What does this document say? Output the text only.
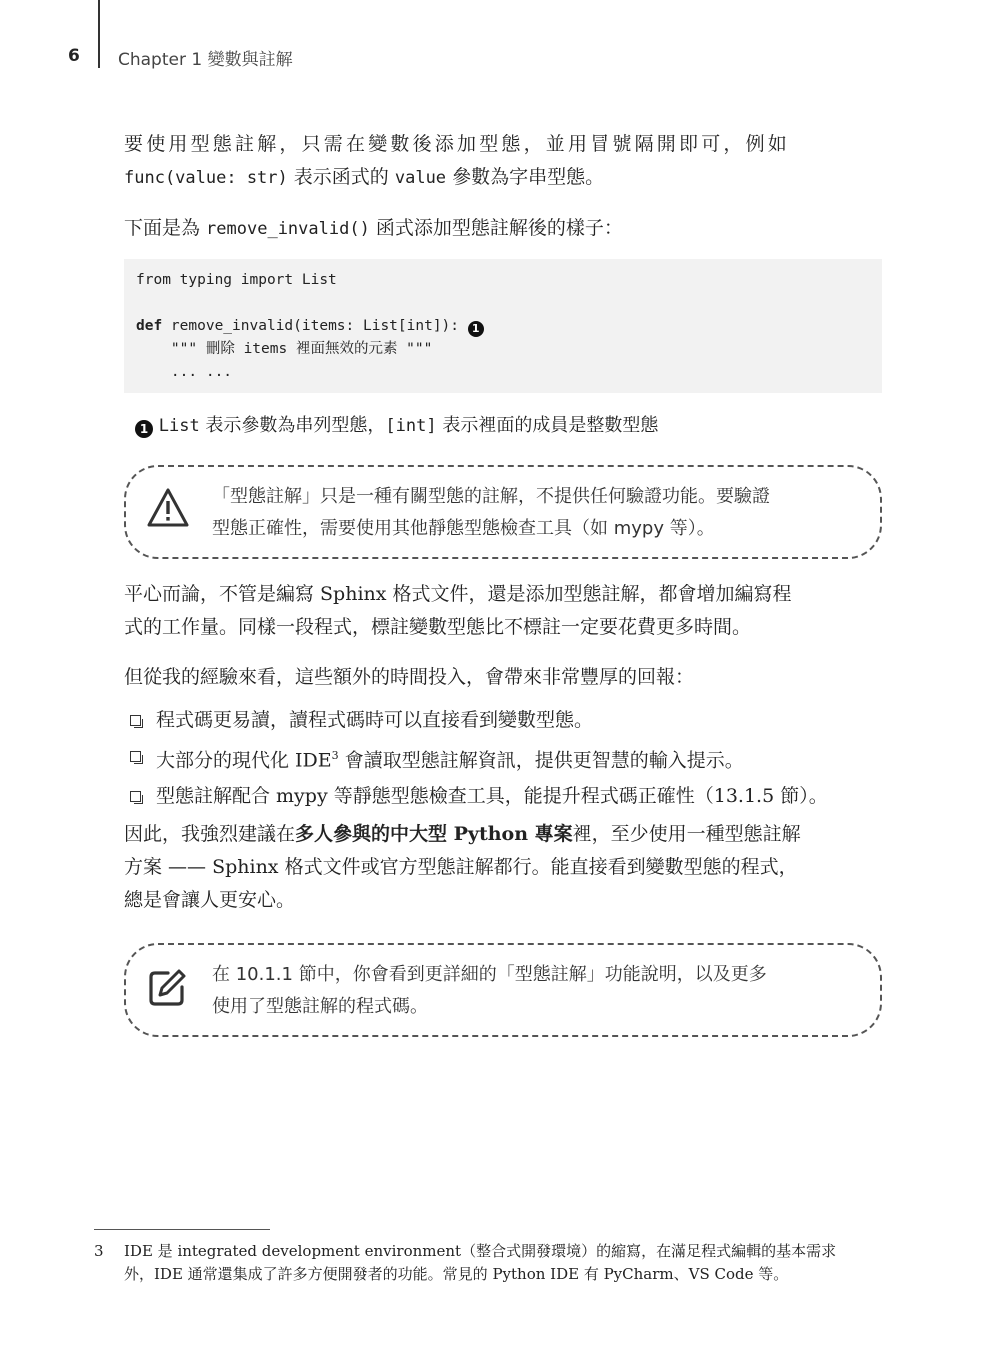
6 Chapter 1 變數與註解
要使用型態註解，只需在變數後添加型態，並用冒號隔開即可，例如
func(value: str) 表示函式的 value 參數為字串型態。
下面是為 remove_invalid() 函式添加型態註解後的樣子：
from typing import List

def remove_invalid(items: List[int]): 1
""" 刪除 items 裡面無效的元素 """
... ...
1 List 表示參數為串列型態，[int] 表示裡面的成員是整數型態
「型態註解」只是一種有關型態的註解，不提供任何驗證功能。要驗證
型態正確性，需要使用其他靜態型態檢查工具（如 mypy 等）。
平心而論，不管是編寫 Sphinx 格式文件，還是添加型態註解，都會增加編寫程
式的工作量。同樣一段程式，標註變數型態比不標註一定要花費更多時間。
但從我的經驗來看，這些額外的時間投入，會帶來非常豐厚的回報：
程式碼更易讀，讀程式碼時可以直接看到變數型態。
大部分的現代化 IDE$^3$ 會讀取型態註解資訊，提供更智慧的輸入提示。
型態註解配合 mypy 等靜態型態檢查工具，能提升程式碼正確性（13.1.5 節）。
因此，我強烈建議在多人參與的中大型 Python 專案裡，至少使用一種型態註解
方案 —— Sphinx 格式文件或官方型態註解都行。能直接看到變數型態的程式，
總是會讓人更安心。
在 10.1.1 節中，你會看到更詳細的「型態註解」功能說明，以及更多
使用了型態註解的程式碼。
3 IDE 是 integrated development environment（整合式開發環境）的縮寫，在滿足程式編輯的基本需求
外，IDE 通常還集成了許多方便開發者的功能。常見的 Python IDE 有 PyCharm、VS Code 等。
